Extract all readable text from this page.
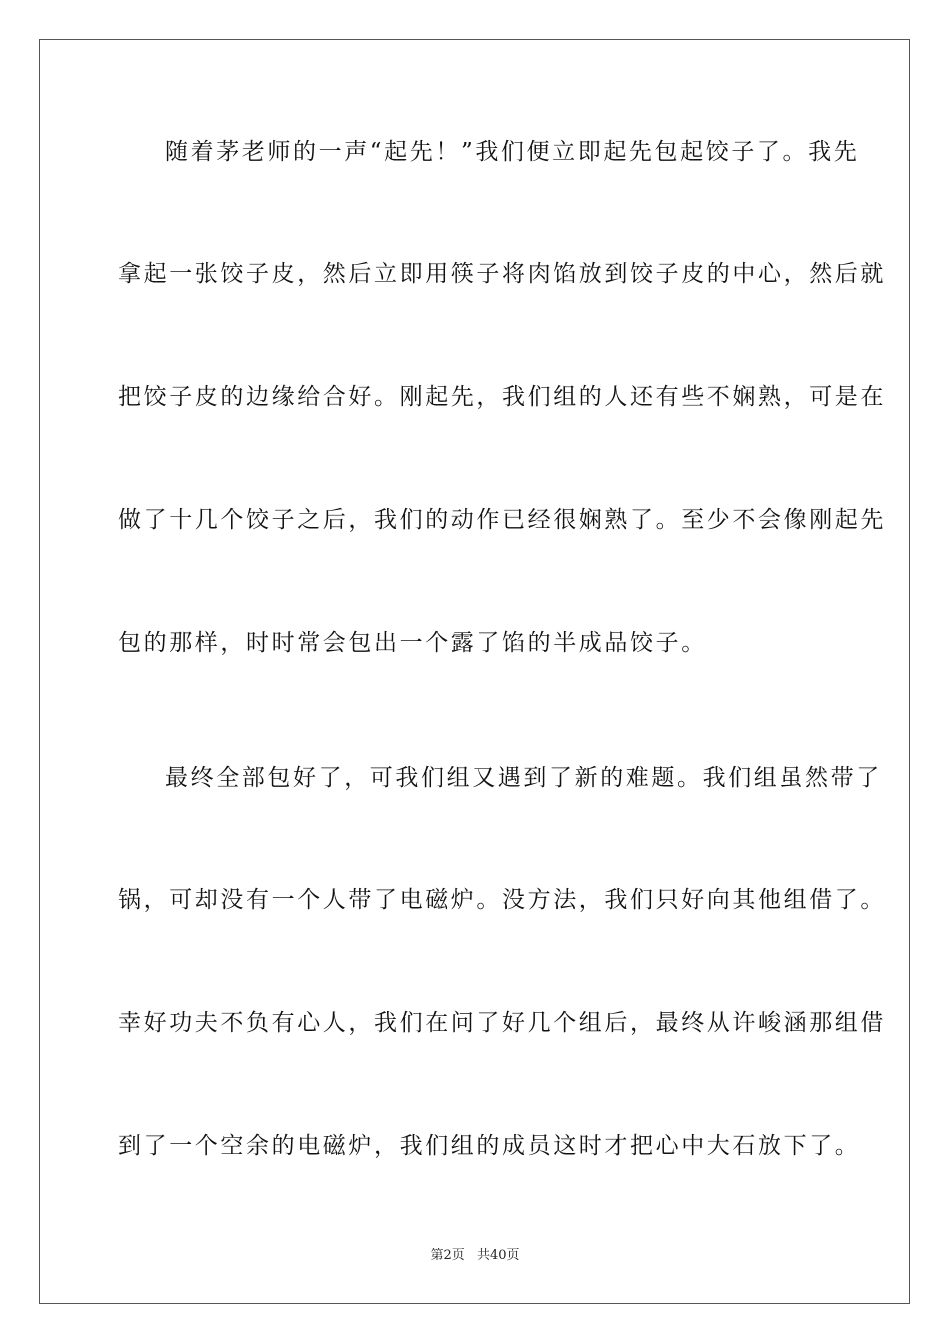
随着茅老师的一声“起先！”我们便立即起先包起饺子了。我先
拿起一张饺子皮，然后立即用筷子将肉馅放到饺子皮的中心，然后就
把饺子皮的边缘给合好。刚起先，我们组的人还有些不娴熟，可是在
做了十几个饺子之后，我们的动作已经很娴熟了。至少不会像刚起先
包的那样，时时常会包出一个露了馅的半成品饺子。
最终全部包好了，可我们组又遇到了新的难题。我们组虽然带了
锅，可却没有一个人带了电磁炉。没方法，我们只好向其他组借了。
幸好功夫不负有心人，我们在问了好几个组后，最终从许峻涵那组借
到了一个空余的电磁炉，我们组的成员这时才把心中大石放下了。
第2页 共40页
